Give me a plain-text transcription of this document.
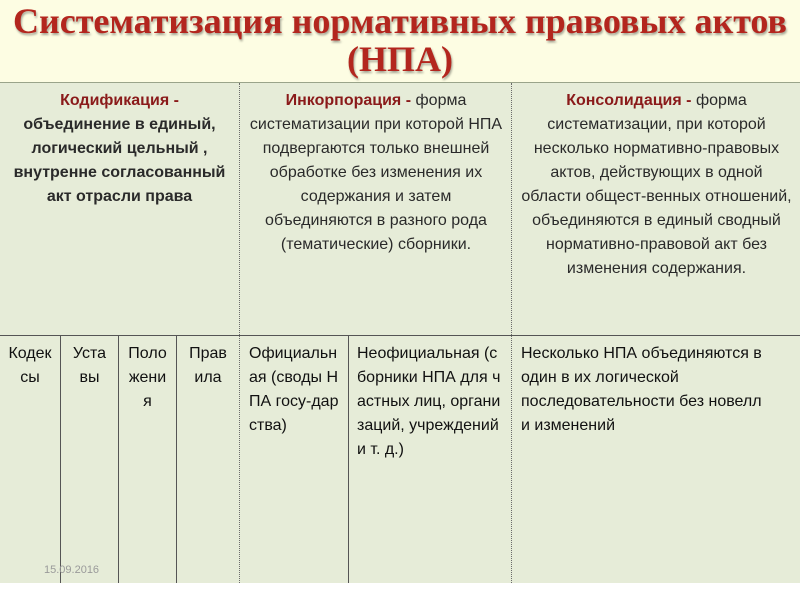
Систематизация нормативных правовых актов (НПА)
Кодификация - объединение в единый, логический цельный , внутренне согласованный акт отрасли права
Инкорпорация - форма систематизации при которой НПА подвергаются только внешней обработке без изменения их содержания и затем объединяются в разного рода (тематические) сборники.
Консолидация - форма систематизации, при которой несколько нормативно-правовых актов, действующих в одной области общест-венных отношений, объединяются в единый сводный нормативно-правовой акт без изменения содержания.
Кодексы
Уставы
Положения
Правила
Официальная (своды НПА госу-дарства)
Неофициальная (сборники НПА для частных лиц, организаций, учреждений и т. д.)
Несколько НПА объединяются в один в их логической последовательности без новелл и изменений
15.09.2016
